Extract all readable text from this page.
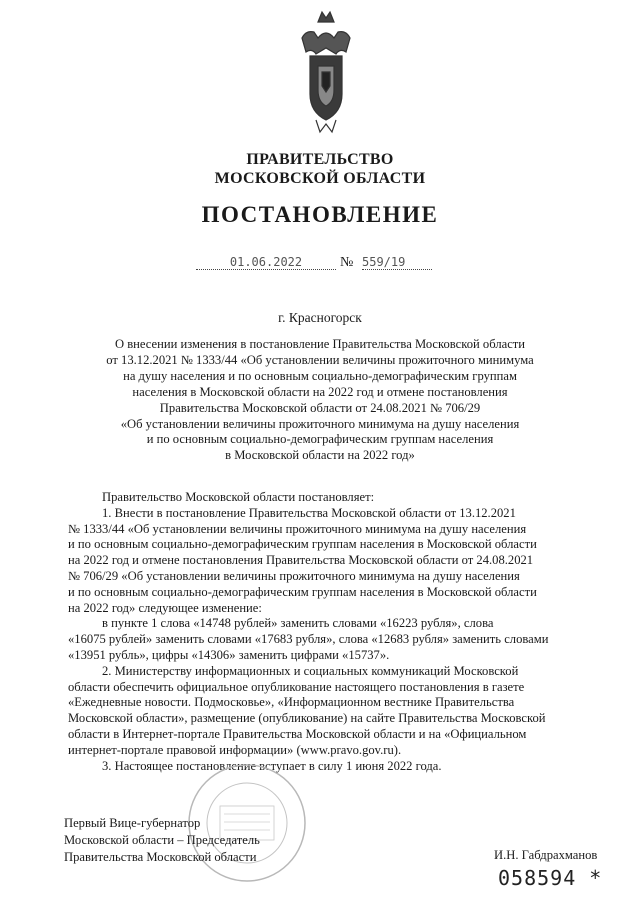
ПРАВИТЕЛЬСТВО
МОСКОВСКОЙ ОБЛАСТИ
ПОСТАНОВЛЕНИЕ
01.06.2022	№ 559/19
г. Красногорск
О внесении изменения в постановление Правительства Московской области
от 13.12.2021 № 1333/44 «Об установлении величины прожиточного минимума
на душу населения и по основным социально-демографическим группам
населения в Московской области на 2022 год и отмене постановления
Правительства Московской области от 24.08.2021 № 706/29
«Об установлении величины прожиточного минимума на душу населения
и по основным социально-демографическим группам населения
в Московской области на 2022 год»
Правительство Московской области постановляет:
1. Внести в постановление Правительства Московской области от 13.12.2021
№ 1333/44 «Об установлении величины прожиточного минимума на душу населения
и по основным социально-демографическим группам населения в Московской области
на 2022 год и отмене постановления Правительства Московской области от 24.08.2021
№ 706/29 «Об установлении величины прожиточного минимума на душу населения
и по основным социально-демографическим группам населения в Московской области
на 2022 год» следующее изменение:
в пункте 1 слова «14748 рублей» заменить словами «16223 рубля», слова
«16075 рублей» заменить словами «17683 рубля», слова «12683 рубля» заменить словами
«13951 рубль», цифры «14306» заменить цифрами «15737».
2. Министерству информационных и социальных коммуникаций Московской
области обеспечить официальное опубликование настоящего постановления в газете
«Ежедневные новости. Подмосковье», «Информационном вестнике Правительства
Московской области», размещение (опубликование) на сайте Правительства Московской
области в Интернет-портале Правительства Московской области и на «Официальном
интернет-портале правовой информации» (www.pravo.gov.ru).
3. Настоящее постановление вступает в силу 1 июня 2022 года.
Первый Вице-губернатор
Московской области – Председатель
Правительства Московской области	И.Н. Габдрахманов
058594 *
